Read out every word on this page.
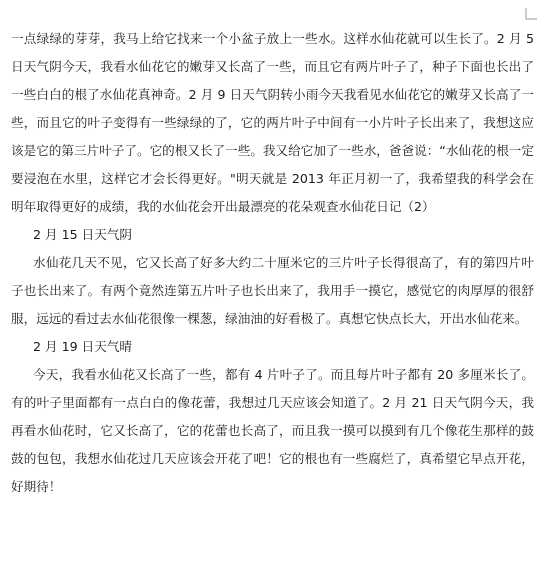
一点绿绿的芽芽，我马上给它找来一个小盆子放上一些水。这样水仙花就可以生长了。2 月 5 日天气阴今天，我看水仙花它的嫩芽又长高了一些，而且它有两片叶子了，种子下面也长出了一些白白的根了水仙花真神奇。2 月 9 日天气阴转小雨今天我看见水仙花它的嫩芽又长高了一些，而且它的叶子变得有一些绿绿的了，它的两片叶子中间有一小片叶子长出来了，我想这应该是它的第三片叶子了。它的根又长了一些。我又给它加了一些水，爸爸说：“水仙花的根一定要浸泡在水里，这样它才会长得更好。"明天就是 2013 年正月初一了，我希望我的科学会在明年取得更好的成绩，我的水仙花会开出最漂亮的花朵观查水仙花日记（2）

2 月 15 日天气阴

水仙花几天不见，它又长高了好多大约二十厘米它的三片叶子长得很高了，有的第四片叶子也长出来了。有两个竟然连第五片叶子也长出来了，我用手一摸它，感觉它的肉厚厚的很舒服，远远的看过去水仙花很像一棵葱，绿油油的好看极了。真想它快点长大，开出水仙花来。

2 月 19 日天气晴

今天，我看水仙花又长高了一些，都有 4 片叶子了。而且每片叶子都有 20 多厘米长了。有的叶子里面都有一点白白的像花蕾，我想过几天应该会知道了。2 月 21 日天气阴今天，我再看水仙花时，它又长高了，它的花蕾也长高了，而且我一摸可以摸到有几个像花生那样的鼓鼓的包包，我想水仙花过几天应该会开花了吧！它的根也有一些腐烂了，真希望它早点开花，好期待！
